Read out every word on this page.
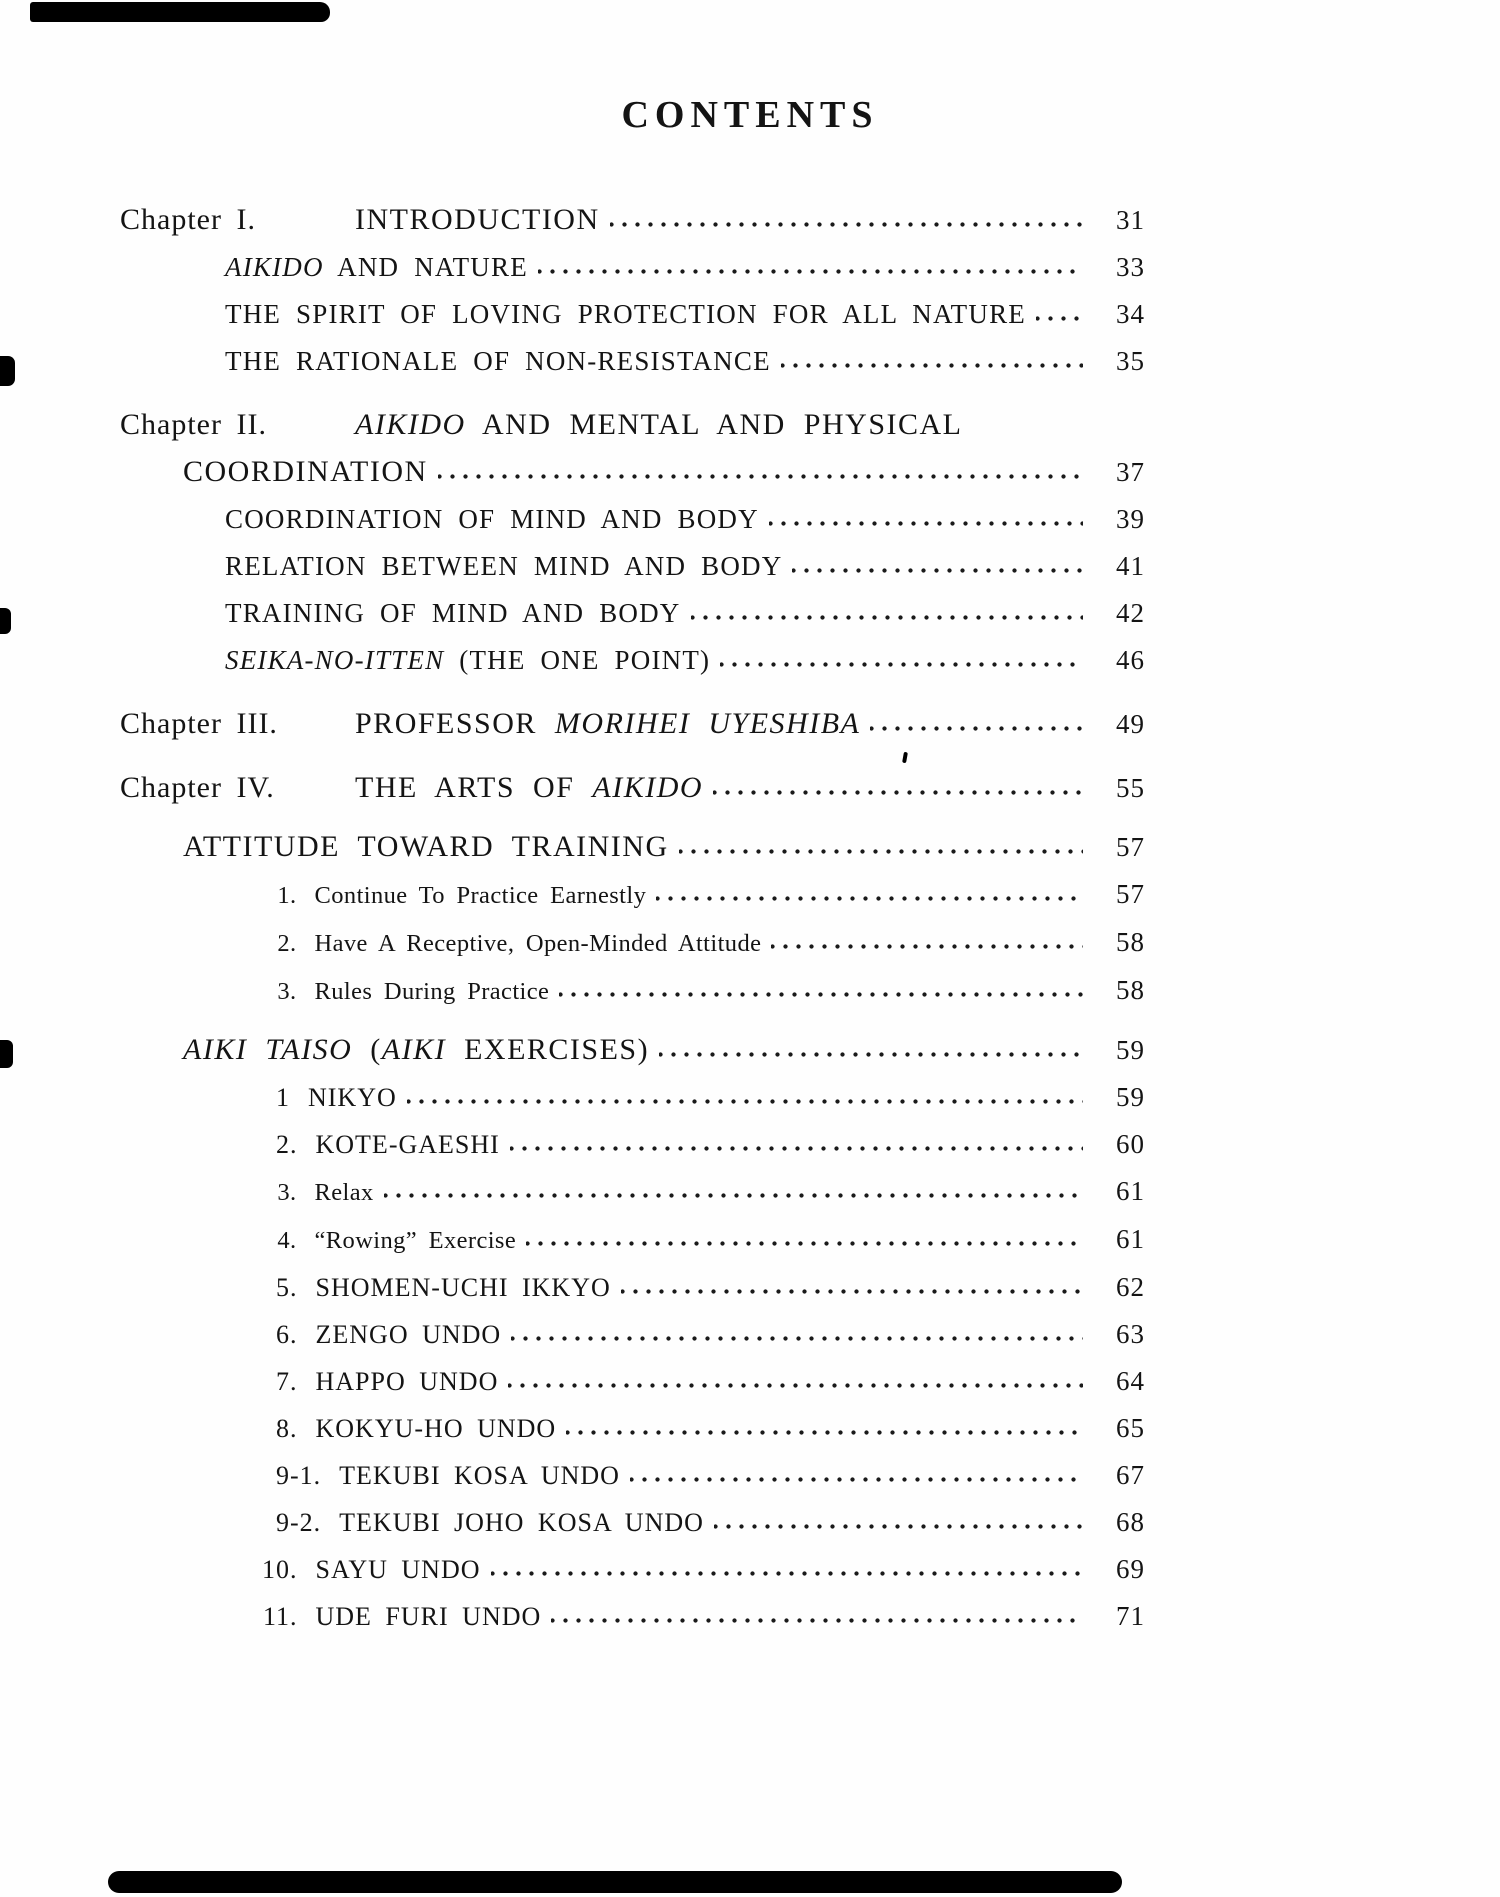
CONTENTS
Chapter I.	INTRODUCTION	31
AIKIDO AND NATURE	33
THE SPIRIT OF LOVING PROTECTION FOR ALL NATURE	34
THE RATIONALE OF NON-RESISTANCE	35
Chapter II.	AIKIDO AND MENTAL AND PHYSICAL
COORDINATION	37
COORDINATION OF MIND AND BODY	39
RELATION BETWEEN MIND AND BODY	41
TRAINING OF MIND AND BODY	42
SEIKA-NO-ITTEN (THE ONE POINT)	46
Chapter III.	PROFESSOR MORIHEI UYESHIBA	49
Chapter IV.	THE ARTS OF AIKIDO	55
ATTITUDE TOWARD TRAINING	57
1. Continue To Practice Earnestly	57
2. Have A Receptive, Open-Minded Attitude	58
3. Rules During Practice	58
AIKI TAISO (AIKI EXERCISES)	59
1 NIKYO	59
2. KOTE-GAESHI	60
3. Relax	61
4. “Rowing” Exercise	61
5. SHOMEN-UCHI IKKYO	62
6. ZENGO UNDO	63
7. HAPPO UNDO	64
8. KOKYU-HO UNDO	65
9-1. TEKUBI KOSA UNDO	67
9-2. TEKUBI JOHO KOSA UNDO	68
10. SAYU UNDO	69
11. UDE FURI UNDO	71
